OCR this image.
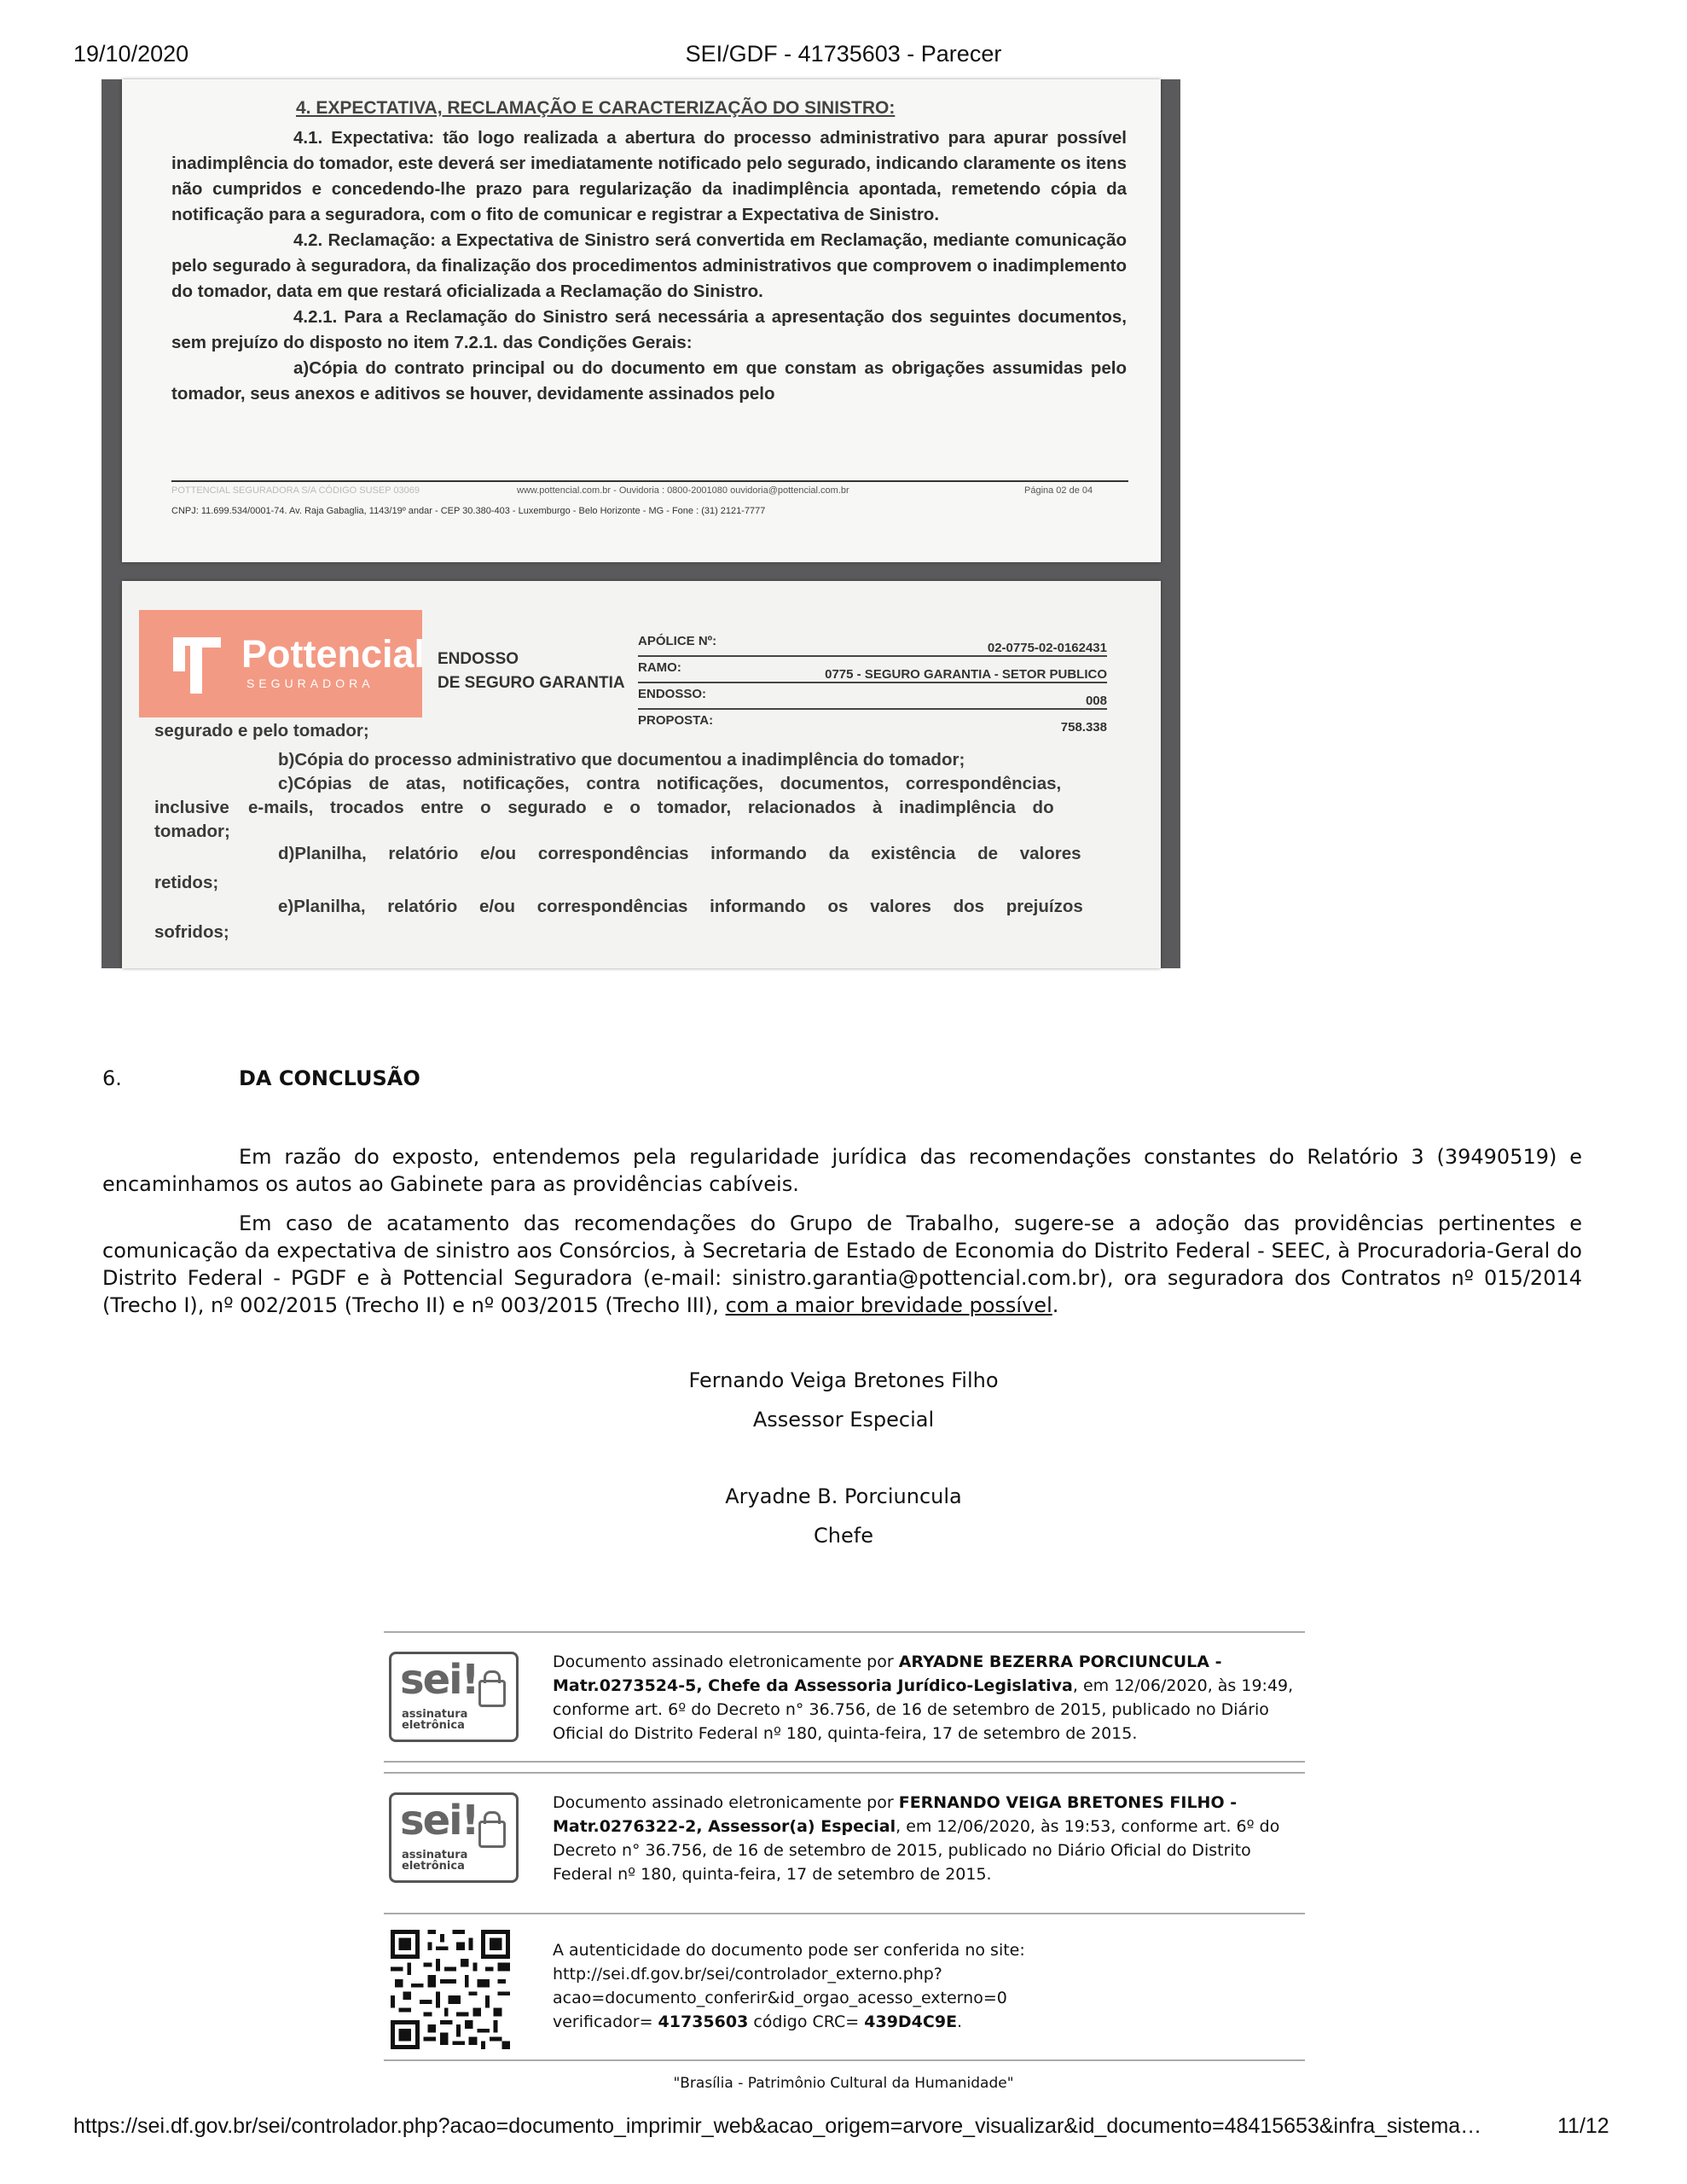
19/10/2020	SEI/GDF - 41735603 - Parecer
4. EXPECTATIVA, RECLAMAÇÃO E CARACTERIZAÇÃO DO SINISTRO:

4.1. Expectativa: tão logo realizada a abertura do processo administrativo para apurar possível inadimplência do tomador, este deverá ser imediatamente notificado pelo segurado, indicando claramente os itens não cumpridos e concedendo-lhe prazo para regularização da inadimplência apontada, remetendo cópia da notificação para a seguradora, com o fito de comunicar e registrar a Expectativa de Sinistro.

4.2. Reclamação: a Expectativa de Sinistro será convertida em Reclamação, mediante comunicação pelo segurado à seguradora, da finalização dos procedimentos administrativos que comprovem o inadimplemento do tomador, data em que restará oficializada a Reclamação do Sinistro.

4.2.1. Para a Reclamação do Sinistro será necessária a apresentação dos seguintes documentos, sem prejuízo do disposto no item 7.2.1. das Condições Gerais:

a)Cópia do contrato principal ou do documento em que constam as obrigações assumidas pelo tomador, seus anexos e aditivos se houver, devidamente assinados pelo

POTTENCIAL SEGURADORA S/A CÓDIGO SUSEP 03069	www.pottencial.com.br - Ouvidoria : 0800-2001080 ouvidoria@pottencial.com.br	Página 02 de 04
CNPJ: 11.699.534/0001-74. Av. Raja Gabaglia, 1143/19º andar - CEP 30.380-403 - Luxemburgo - Belo Horizonte - MG - Fone : (31) 2121-7777
Pottencial
SEGURADORA
ENDOSSO
DE SEGURO GARANTIA
APÓLICE Nº:	02-0775-02-0162431
RAMO:	0775 - SEGURO GARANTIA - SETOR PUBLICO
ENDOSSO:	008
PROPOSTA:	758.338
segurado e pelo tomador;
b)Cópia do processo administrativo que documentou a inadimplência do tomador;
c)Cópias de atas, notificações, contra notificações, documentos, correspondências,
inclusive e-mails, trocados entre o segurado e o tomador, relacionados à inadimplência do
tomador;
d)Planilha, relatório e/ou correspondências informando da existência de valores
retidos;
e)Planilha, relatório e/ou correspondências informando os valores dos prejuízos
sofridos;
6.	DA CONCLUSÃO
Em razão do exposto, entendemos pela regularidade jurídica das recomendações constantes do Relatório 3 (39490519) e encaminhamos os autos ao Gabinete para as providências cabíveis.
Em caso de acatamento das recomendações do Grupo de Trabalho, sugere-se a adoção das providências pertinentes e comunicação da expectativa de sinistro aos Consórcios, à Secretaria de Estado de Economia do Distrito Federal - SEEC, à Procuradoria-Geral do Distrito Federal - PGDF e à Pottencial Seguradora (e-mail: sinistro.garantia@pottencial.com.br), ora seguradora dos Contratos nº 015/2014 (Trecho I), nº 002/2015 (Trecho II) e nº 003/2015 (Trecho III), com a maior brevidade possível.
Fernando Veiga Bretones Filho
Assessor Especial
Aryadne B. Porciuncula
Chefe
sei!
assinatura
eletrônica
Documento assinado eletronicamente por ARYADNE BEZERRA PORCIUNCULA - Matr.0273524-5, Chefe da Assessoria Jurídico-Legislativa, em 12/06/2020, às 19:49, conforme art. 6º do Decreto n° 36.756, de 16 de setembro de 2015, publicado no Diário Oficial do Distrito Federal nº 180, quinta-feira, 17 de setembro de 2015.
sei!
assinatura
eletrônica
Documento assinado eletronicamente por FERNANDO VEIGA BRETONES FILHO - Matr.0276322-2, Assessor(a) Especial, em 12/06/2020, às 19:53, conforme art. 6º do Decreto n° 36.756, de 16 de setembro de 2015, publicado no Diário Oficial do Distrito Federal nº 180, quinta-feira, 17 de setembro de 2015.
A autenticidade do documento pode ser conferida no site:
http://sei.df.gov.br/sei/controlador_externo.php?
acao=documento_conferir&id_orgao_acesso_externo=0
verificador= 41735603 código CRC= 439D4C9E.
"Brasília - Patrimônio Cultural da Humanidade"
https://sei.df.gov.br/sei/controlador.php?acao=documento_imprimir_web&acao_origem=arvore_visualizar&id_documento=48415653&infra_sistema…	11/12
